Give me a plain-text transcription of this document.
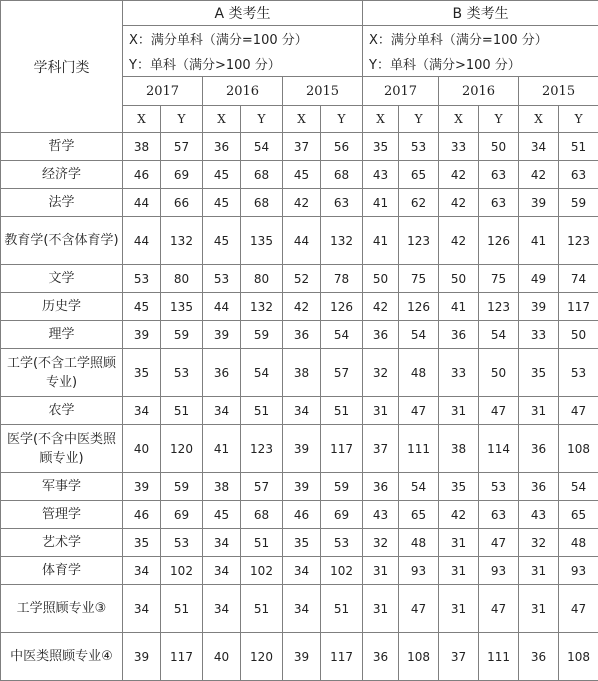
学科门类	A 类考生						B 类考生					
	X：满分单科（满分=100 分）						X：满分单科（满分=100 分）					
	Y：单科（满分>100 分）						Y：单科（满分>100 分）					
	2017		2016		2015		2017		2016		2015	
	X	Y	X	Y	X	Y	X	Y	X	Y	X	Y
哲学	38	57	36	54	37	56	35	53	33	50	34	51
经济学	46	69	45	68	45	68	43	65	42	63	42	63
法学	44	66	45	68	42	63	41	62	42	63	39	59
教育学(不含体育学)	44	132	45	135	44	132	41	123	42	126	41	123
文学	53	80	53	80	52	78	50	75	50	75	49	74
历史学	45	135	44	132	42	126	42	126	41	123	39	117
理学	39	59	39	59	36	54	36	54	36	54	33	50
工学(不含工学照顾专业)	35	53	36	54	38	57	32	48	33	50	35	53
农学	34	51	34	51	34	51	31	47	31	47	31	47
医学(不含中医类照顾专业)	40	120	41	123	39	117	37	111	38	114	36	108
军事学	39	59	38	57	39	59	36	54	35	53	36	54
管理学	46	69	45	68	46	69	43	65	42	63	43	65
艺术学	35	53	34	51	35	53	32	48	31	47	32	48
体育学	34	102	34	102	34	102	31	93	31	93	31	93
工学照顾专业③	34	51	34	51	34	51	31	47	31	47	31	47
中医类照顾专业④	39	117	40	120	39	117	36	108	37	111	36	108
